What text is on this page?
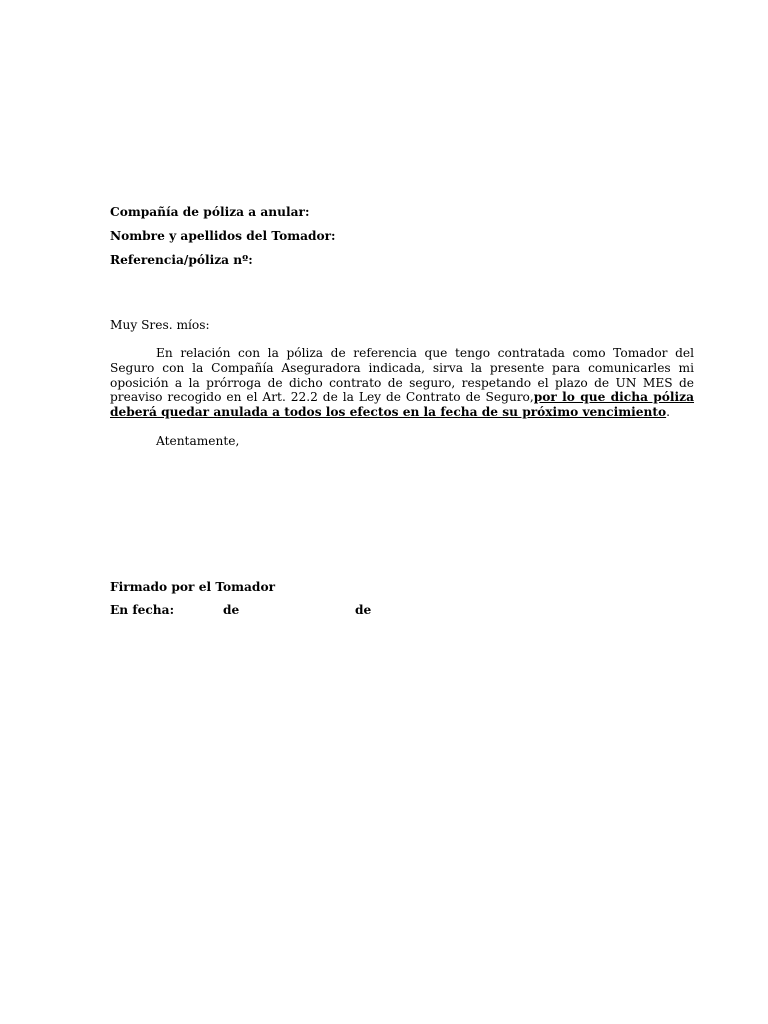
Compañía de póliza a anular:
Nombre y apellidos del Tomador:
Referencia/póliza nº:
Muy Sres. míos:
En relación con la póliza de referencia que tengo contratada como Tomador del Seguro con la Compañía Aseguradora indicada, sirva la presente para comunicarles mi oposición a la prórroga de dicho contrato de seguro, respetando el plazo de UN MES de preaviso recogido en el Art. 22.2 de la Ley de Contrato de Seguro,por lo que dicha póliza deberá quedar anulada a todos los efectos en la fecha de su próximo vencimiento.
Atentamente,
Firmado por el Tomador
En fecha:	de	de
